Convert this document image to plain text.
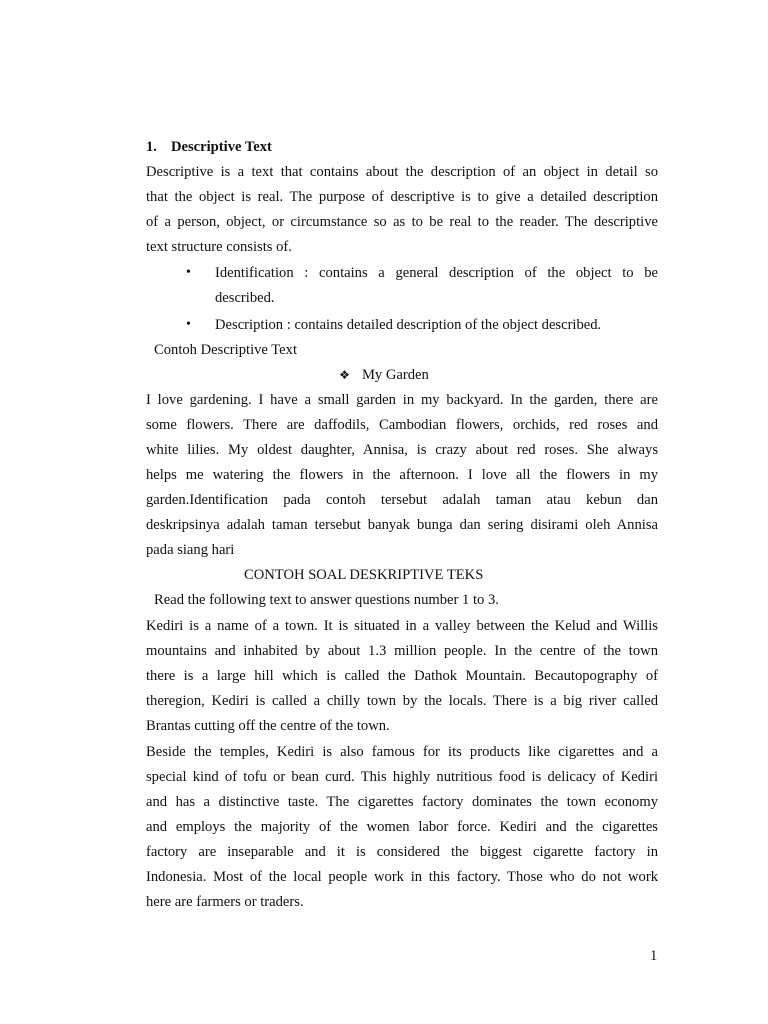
1. Descriptive Text
Descriptive is a text that contains about the description of an object in detail so
that the object is real. The purpose of descriptive is to give a detailed description
of a person, object, or circumstance so as to be real to the reader. The descriptive
text structure consists of.
• Identification : contains a general description of the object to be
described.
• Description : contains detailed description of the object described.
Contoh Descriptive Text
❖ My Garden
I love gardening. I have a small garden in my backyard. In the garden, there are
some flowers. There are daffodils, Cambodian flowers, orchids, red roses and
white lilies. My oldest daughter, Annisa, is crazy about red roses. She always
helps me watering the flowers in the afternoon. I love all the flowers in my
garden.Identification pada contoh tersebut adalah taman atau kebun dan
deskripsinya adalah taman tersebut banyak bunga dan sering disirami oleh Annisa
pada siang hari
CONTOH SOAL DESKRIPTIVE TEKS
Read the following text to answer questions number 1 to 3.
Kediri is a name of a town. It is situated in a valley between the Kelud and Willis
mountains and inhabited by about 1.3 million people. In the centre of the town
there is a large hill which is called the Dathok Mountain. Becautopography of
theregion, Kediri is called a chilly town by the locals. There is a big river called
Brantas cutting off the centre of the town.
Beside the temples, Kediri is also famous for its products like cigarettes and a
special kind of tofu or bean curd. This highly nutritious food is delicacy of Kediri
and has a distinctive taste. The cigarettes factory dominates the town economy
and employs the majority of the women labor force. Kediri and the cigarettes
factory are inseparable and it is considered the biggest cigarette factory in
Indonesia. Most of the local people work in this factory. Those who do not work
here are farmers or traders.
1
